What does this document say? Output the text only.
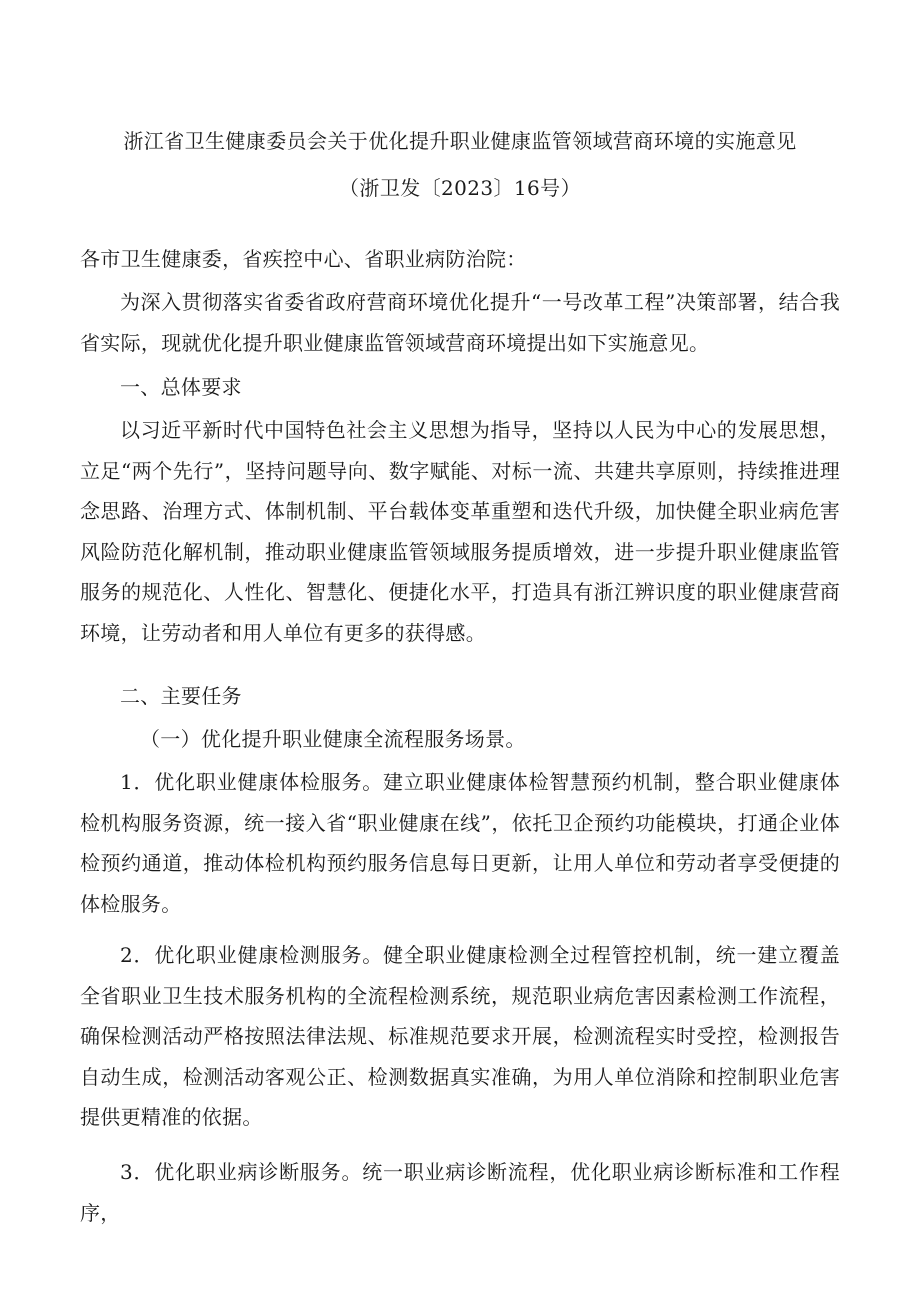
浙江省卫生健康委员会关于优化提升职业健康监管领域营商环境的实施意见
（浙卫发〔2023〕16号）
各市卫生健康委，省疾控中心、省职业病防治院：
为深入贯彻落实省委省政府营商环境优化提升“一号改革工程”决策部署，结合我省实际，现就优化提升职业健康监管领域营商环境提出如下实施意见。
一、总体要求
以习近平新时代中国特色社会主义思想为指导，坚持以人民为中心的发展思想，立足“两个先行”，坚持问题导向、数字赋能、对标一流、共建共享原则，持续推进理念思路、治理方式、体制机制、平台载体变革重塑和迭代升级，加快健全职业病危害风险防范化解机制，推动职业健康监管领域服务提质增效，进一步提升职业健康监管服务的规范化、人性化、智慧化、便捷化水平，打造具有浙江辨识度的职业健康营商环境，让劳动者和用人单位有更多的获得感。
二、主要任务
（一）优化提升职业健康全流程服务场景。
1．优化职业健康体检服务。建立职业健康体检智慧预约机制，整合职业健康体检机构服务资源，统一接入省“职业健康在线”，依托卫企预约功能模块，打通企业体检预约通道，推动体检机构预约服务信息每日更新，让用人单位和劳动者享受便捷的体检服务。
2．优化职业健康检测服务。健全职业健康检测全过程管控机制，统一建立覆盖全省职业卫生技术服务机构的全流程检测系统，规范职业病危害因素检测工作流程，确保检测活动严格按照法律法规、标准规范要求开展，检测流程实时受控，检测报告自动生成，检测活动客观公正、检测数据真实准确，为用人单位消除和控制职业危害提供更精准的依据。
3．优化职业病诊断服务。统一职业病诊断流程，优化职业病诊断标准和工作程序，
